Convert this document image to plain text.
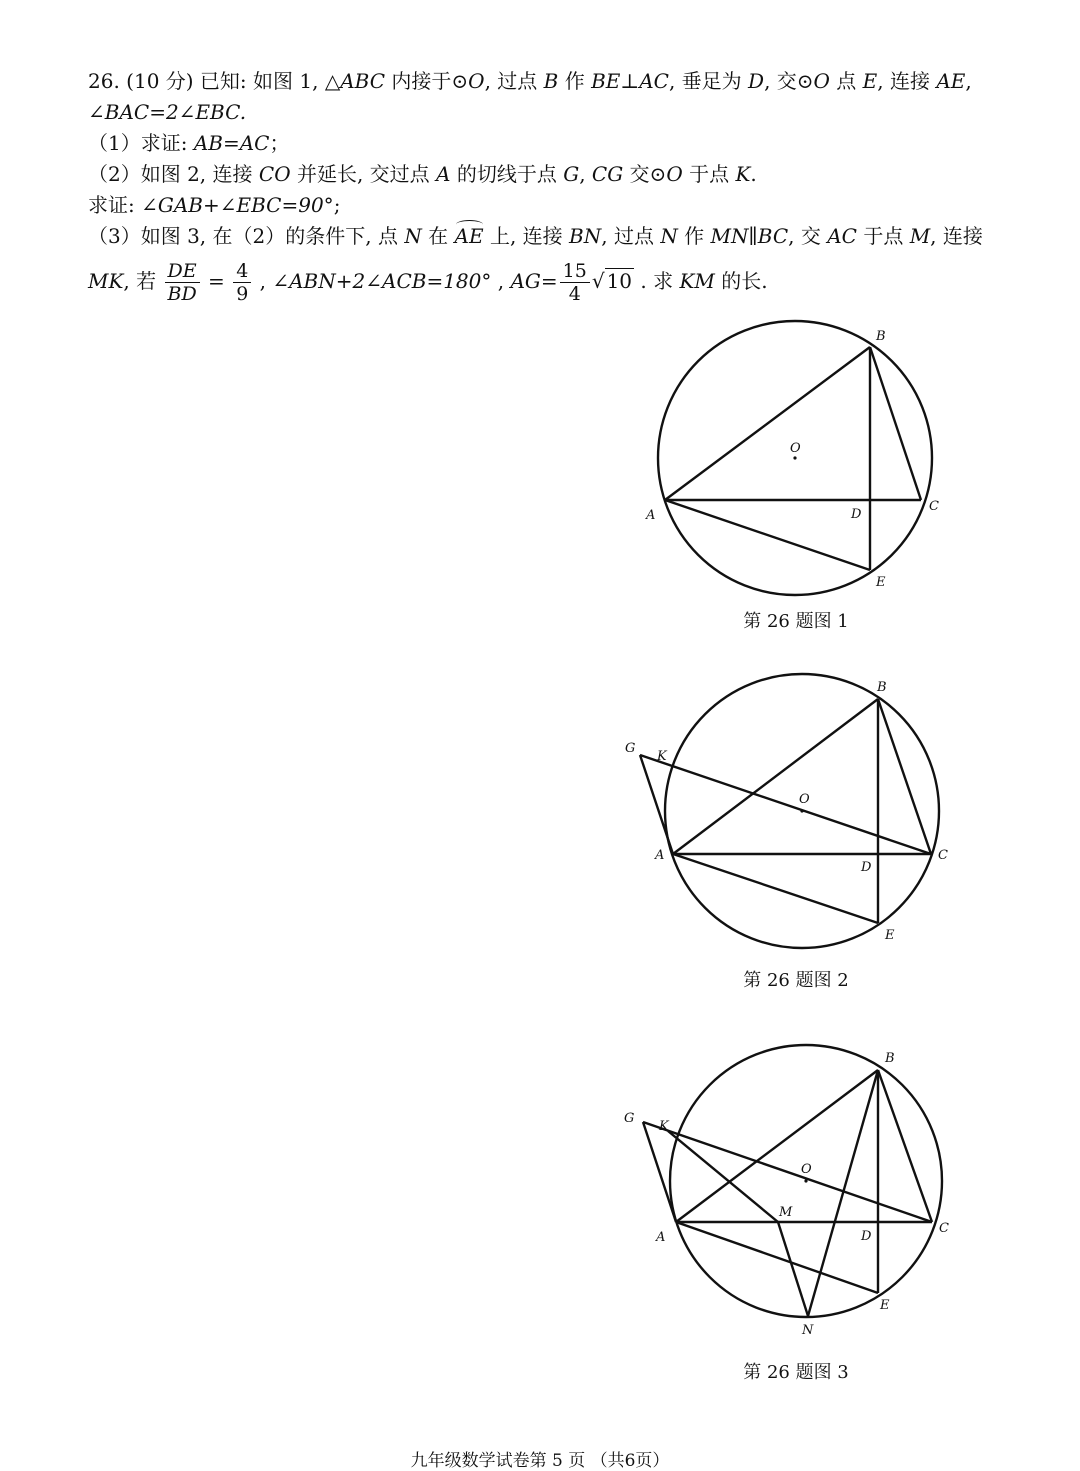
26. (10 分) 已知: 如图 1, △ABC 内接于⊙O, 过点 B 作 BE⊥AC, 垂足为 D, 交⊙O 点 E, 连接 AE,
∠BAC=2∠EBC.
（1）求证: AB=AC；
（2）如图 2, 连接 CO 并延长, 交过点 A 的切线于点 G, CG 交⊙O 于点 K.
求证: ∠GAB+∠EBC=90°;
（3）如图 3, 在（2）的条件下, 点 N 在 AE 上, 连接 BN, 过点 N 作 MN∥BC, 交 AC 于点 M, 连接
MK, 若 $\frac{DE}{BD} = \frac{4}{9}$ , ∠ABN+2∠ACB=180° , $AG= \frac{15}{4}$ √ 10 . 求 KM 的长.
B
O
A	D
C
E
第 26 题图 1
B
G
K
O
A
D
C
E
第 26 题图 2
B
G
K
O
M
A	D
C
E
N
第 26 题图 3
九年级数学试卷第 5 页 （共6页）
